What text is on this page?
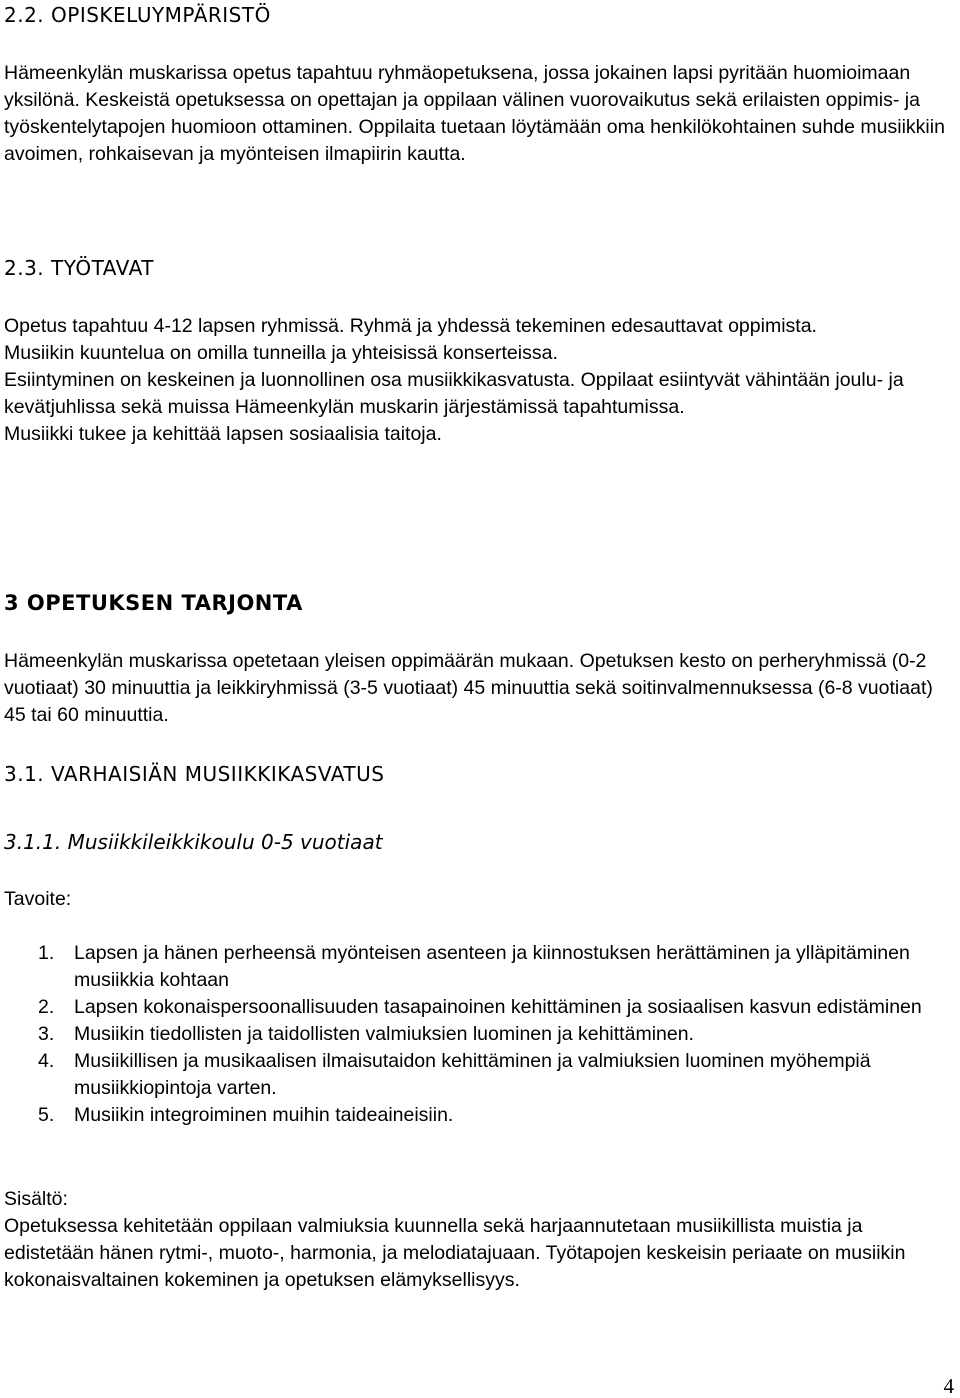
2.2. OPISKELUYMPÄRISTÖ

Hämeenkylän muskarissa opetus tapahtuu ryhmäopetuksena, jossa jokainen lapsi pyritään huomioimaan yksilönä. Keskeistä opetuksessa on opettajan ja oppilaan välinen vuorovaikutus sekä erilaisten oppimis- ja työskentelytapojen huomioon ottaminen. Oppilaita tuetaan löytämään oma henkilökohtainen suhde musiikkiin avoimen, rohkaisevan ja myönteisen ilmapiirin kautta.

2.3. TYÖTAVAT

Opetus tapahtuu 4-12 lapsen ryhmissä. Ryhmä ja yhdessä tekeminen edesauttavat oppimista.

Musiikin kuuntelua on omilla tunneilla ja yhteisissä konserteissa.

Esiintyminen on keskeinen ja luonnollinen osa musiikkikasvatusta. Oppilaat esiintyvät vähintään joulu- ja kevätjuhlissa sekä muissa Hämeenkylän muskarin järjestämissä tapahtumissa.

Musiikki tukee ja kehittää lapsen sosiaalisia taitoja.

3 OPETUKSEN TARJONTA

Hämeenkylän muskarissa opetetaan yleisen oppimäärän mukaan. Opetuksen kesto on perheryhmissä (0-2 vuotiaat) 30 minuuttia ja leikkiryhmissä (3-5 vuotiaat) 45 minuuttia sekä soitinvalmennuksessa (6-8 vuotiaat) 45 tai 60 minuuttia.

3.1. VARHAISIÄN MUSIIKKIKASVATUS
3.1.1. Musiikkileikkikoulu 0-5 vuotiaat
Tavoite:
1. Lapsen ja hänen perheensä myönteisen asenteen ja kiinnostuksen herättäminen ja ylläpitäminen musiikkia kohtaan
2. Lapsen kokonaispersoonallisuuden tasapainoinen kehittäminen ja sosiaalisen kasvun edistäminen
3. Musiikin tiedollisten ja taidollisten valmiuksien luominen ja kehittäminen.
4. Musiikillisen ja musikaalisen ilmaisutaidon kehittäminen ja valmiuksien luominen myöhempiä musiikkiopintoja varten.
5. Musiikin integroiminen muihin taideaineisiin.
Sisältö:

Opetuksessa kehitetään oppilaan valmiuksia kuunnella sekä harjaannutetaan musiikillista muistia ja edistetään hänen rytmi-, muoto-, harmonia, ja melodiatajuaan. Työtapojen keskeisin periaate on musiikin kokonaisvaltainen kokeminen ja opetuksen elämyksellisyys.

4
